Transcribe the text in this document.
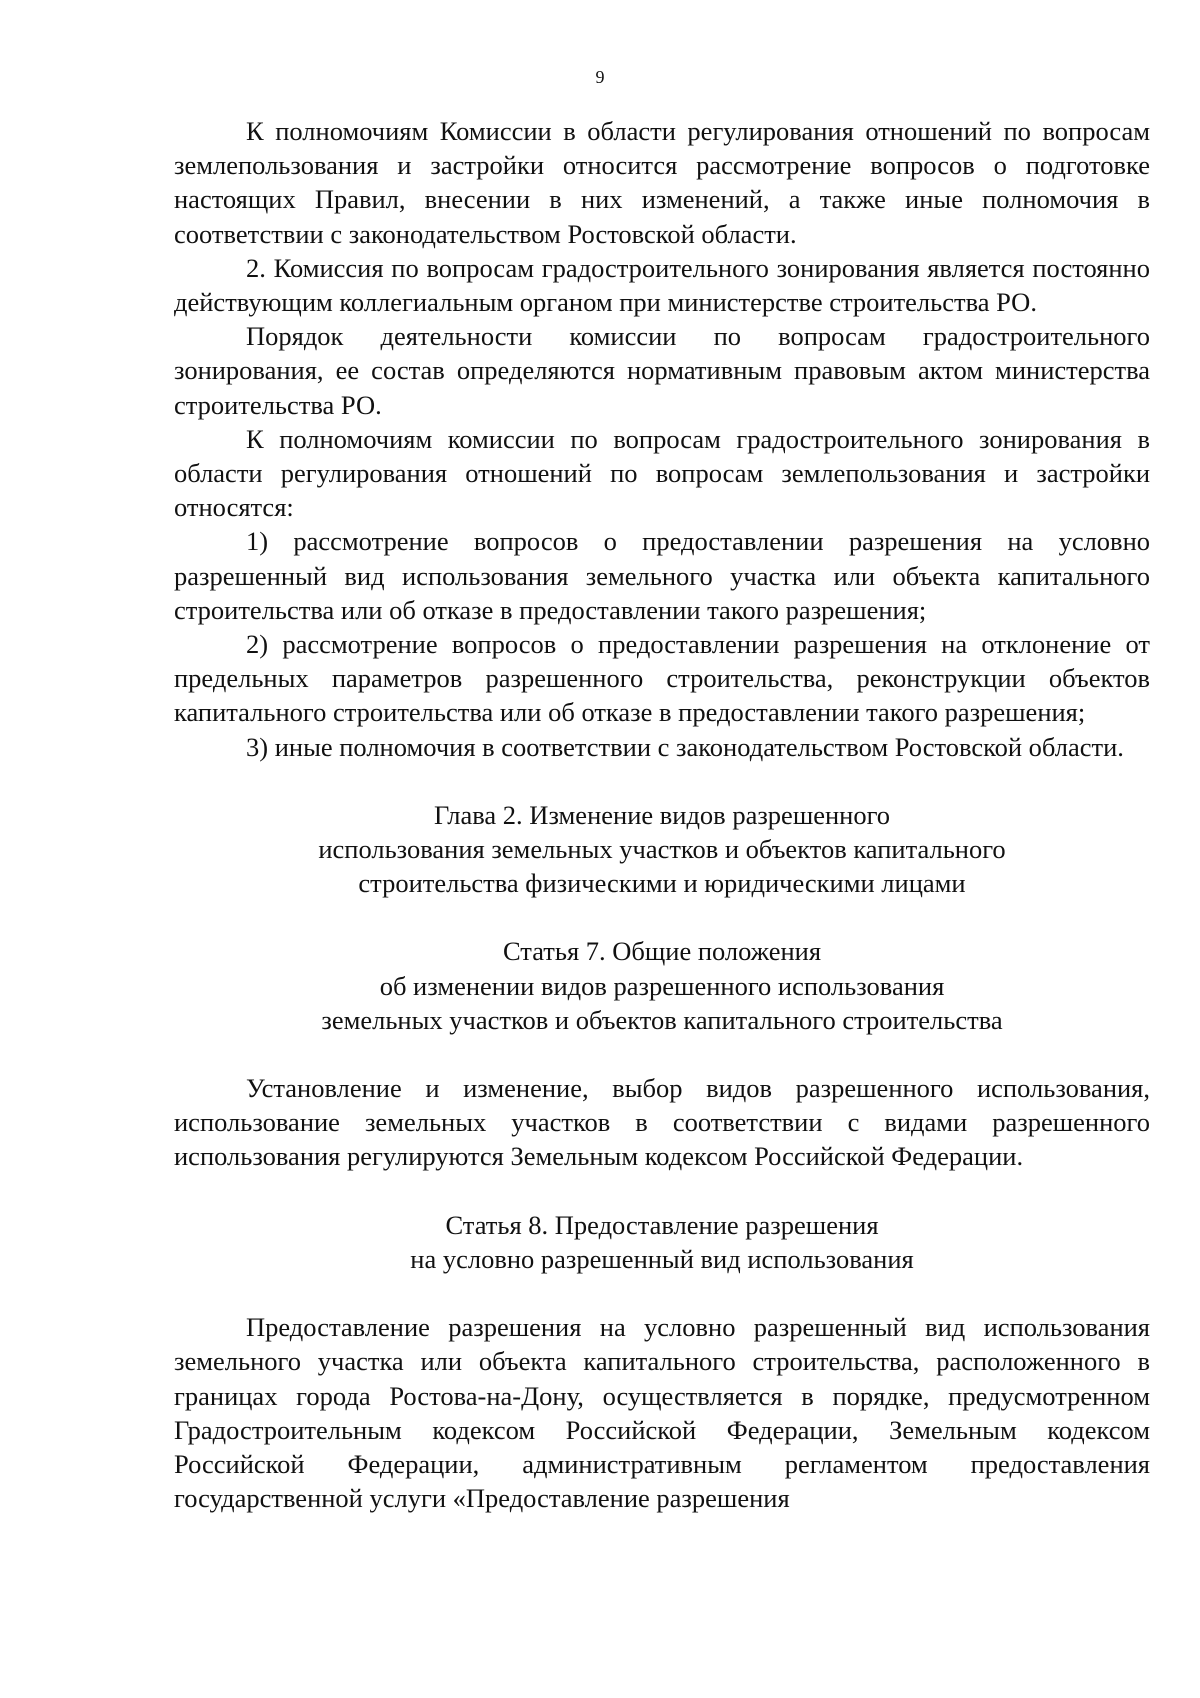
9

К полномочиям Комиссии в области регулирования отношений по вопросам землепользования и застройки относится рассмотрение вопросов о подготовке настоящих Правил, внесении в них изменений, а также иные полномочия в соответствии с законодательством Ростовской области.

2. Комиссия по вопросам градостроительного зонирования является постоянно действующим коллегиальным органом при министерстве строительства РО.

Порядок деятельности комиссии по вопросам градостроительного зонирования, ее состав определяются нормативным правовым актом министерства строительства РО.

К полномочиям комиссии по вопросам градостроительного зонирования в области регулирования отношений по вопросам землепользования и застройки относятся:

1) рассмотрение вопросов о предоставлении разрешения на условно разрешенный вид использования земельного участка или объекта капитального строительства или об отказе в предоставлении такого разрешения;

2) рассмотрение вопросов о предоставлении разрешения на отклонение от предельных параметров разрешенного строительства, реконструкции объектов капитального строительства или об отказе в предоставлении такого разрешения;

3) иные полномочия в соответствии с законодательством Ростовской области.

Глава 2. Изменение видов разрешенного

использования земельных участков и объектов капитального

строительства физическими и юридическими лицами

Статья 7. Общие положения

об изменении видов разрешенного использования

земельных участков и объектов капитального строительства

Установление и изменение, выбор видов разрешенного использования, использование земельных участков в соответствии с видами разрешенного использования регулируются Земельным кодексом Российской Федерации.

Статья 8. Предоставление разрешения

на условно разрешенный вид использования

Предоставление разрешения на условно разрешенный вид использования земельного участка или объекта капитального строительства, расположенного в границах города Ростова-на-Дону, осуществляется в порядке, предусмотренном Градостроительным кодексом Российской Федерации, Земельным кодексом Российской Федерации, административным регламентом предоставления государственной услуги «Предоставление разрешения
